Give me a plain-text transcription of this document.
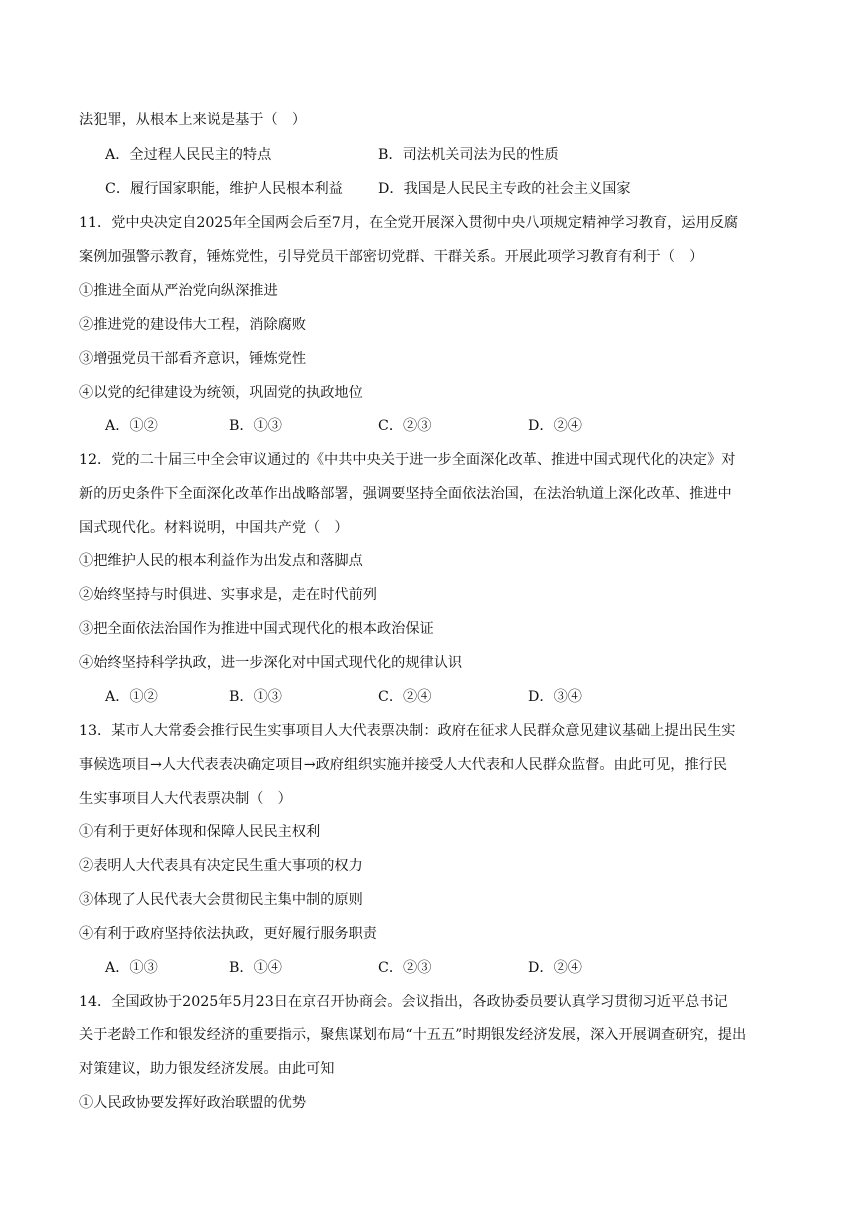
法犯罪，从根本上来说是基于（　）
A．全过程人民民主的特点	B．司法机关司法为民的性质
C．履行国家职能，维护人民根本利益 D．我国是人民民主专政的社会主义国家
11．党中央决定自2025年全国两会后至7月，在全党开展深入贯彻中央八项规定精神学习教育，运用反腐
案例加强警示教育，锤炼党性，引导党员干部密切党群、干群关系。开展此项学习教育有利于（　）
①推进全面从严治党向纵深推进
②推进党的建设伟大工程，消除腐败
③增强党员干部看齐意识，锤炼党性
④以党的纪律建设为统领，巩固党的执政地位
A．①②	B．①③	C．②③	D．②④
12．党的二十届三中全会审议通过的《中共中央关于进一步全面深化改革、推进中国式现代化的决定》对
新的历史条件下全面深化改革作出战略部署，强调要坚持全面依法治国，在法治轨道上深化改革、推进中
国式现代化。材料说明，中国共产党（　）
①把维护人民的根本利益作为出发点和落脚点
②始终坚持与时俱进、实事求是，走在时代前列
③把全面依法治国作为推进中国式现代化的根本政治保证
④始终坚持科学执政，进一步深化对中国式现代化的规律认识
A．①②	B．①③	C．②④	D．③④
13．某市人大常委会推行民生实事项目人大代表票决制：政府在征求人民群众意见建议基础上提出民生实
事候选项目→人大代表表决确定项目→政府组织实施并接受人大代表和人民群众监督。由此可见，推行民
生实事项目人大代表票决制（　）
①有利于更好体现和保障人民民主权利
②表明人大代表具有决定民生重大事项的权力
③体现了人民代表大会贯彻民主集中制的原则
④有利于政府坚持依法执政，更好履行服务职责
A．①③	B．①④	C．②③	D．②④
14．全国政协于2025年5月23日在京召开协商会。会议指出，各政协委员要认真学习贯彻习近平总书记
关于老龄工作和银发经济的重要指示，聚焦谋划布局“十五五”时期银发经济发展，深入开展调查研究，提出
对策建议，助力银发经济发展。由此可知
①人民政协要发挥好政治联盟的优势
